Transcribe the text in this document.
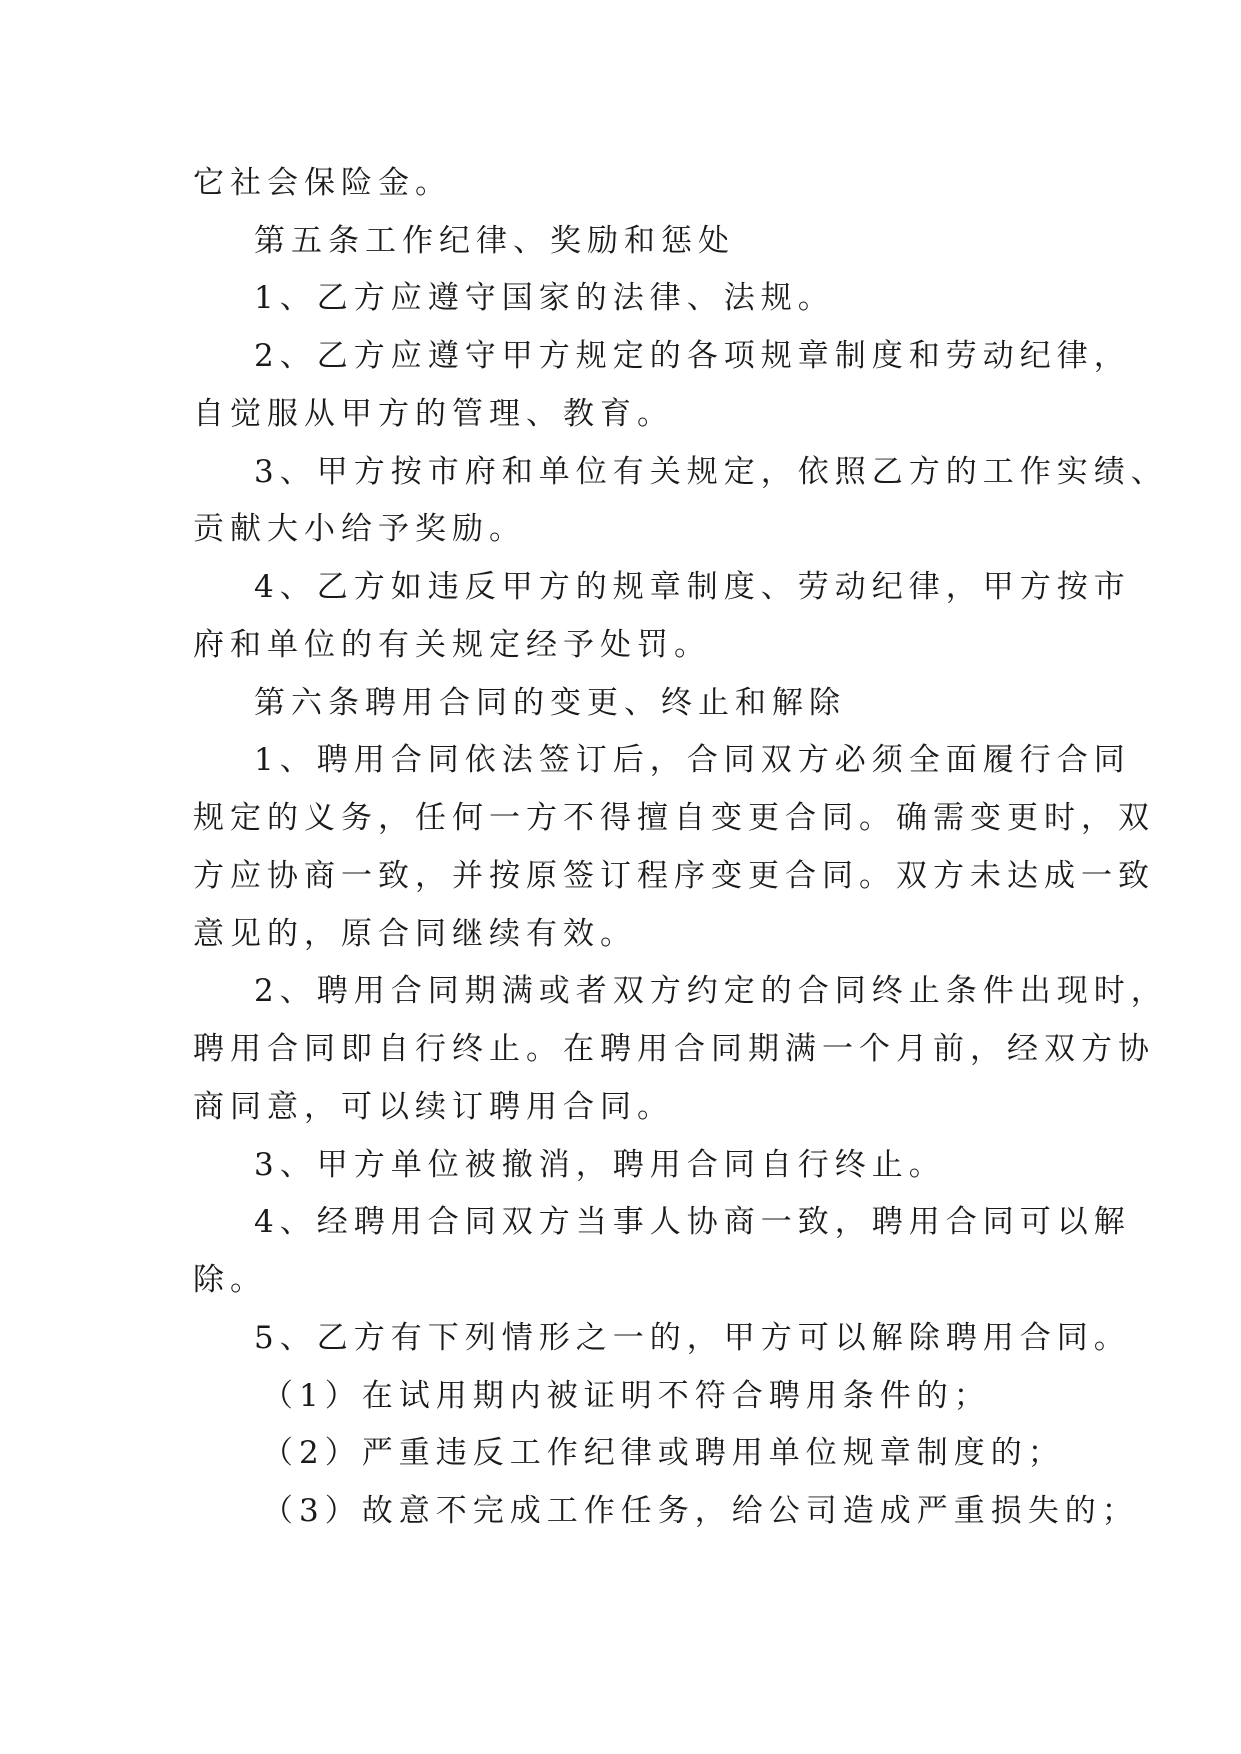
它社会保险金。
第五条工作纪律、奖励和惩处
1、乙方应遵守国家的法律、法规。
2、乙方应遵守甲方规定的各项规章制度和劳动纪律，
自觉服从甲方的管理、教育。
3、甲方按市府和单位有关规定，依照乙方的工作实绩、
贡献大小给予奖励。
4、乙方如违反甲方的规章制度、劳动纪律，甲方按市
府和单位的有关规定经予处罚。
第六条聘用合同的变更、终止和解除
1、聘用合同依法签订后，合同双方必须全面履行合同
规定的义务，任何一方不得擅自变更合同。确需变更时，双
方应协商一致，并按原签订程序变更合同。双方未达成一致
意见的，原合同继续有效。
2、聘用合同期满或者双方约定的合同终止条件出现时，
聘用合同即自行终止。在聘用合同期满一个月前，经双方协
商同意，可以续订聘用合同。
3、甲方单位被撤消，聘用合同自行终止。
4、经聘用合同双方当事人协商一致，聘用合同可以解
除。
5、乙方有下列情形之一的，甲方可以解除聘用合同。
（1）在试用期内被证明不符合聘用条件的；
（2）严重违反工作纪律或聘用单位规章制度的；
（3）故意不完成工作任务，给公司造成严重损失的；
